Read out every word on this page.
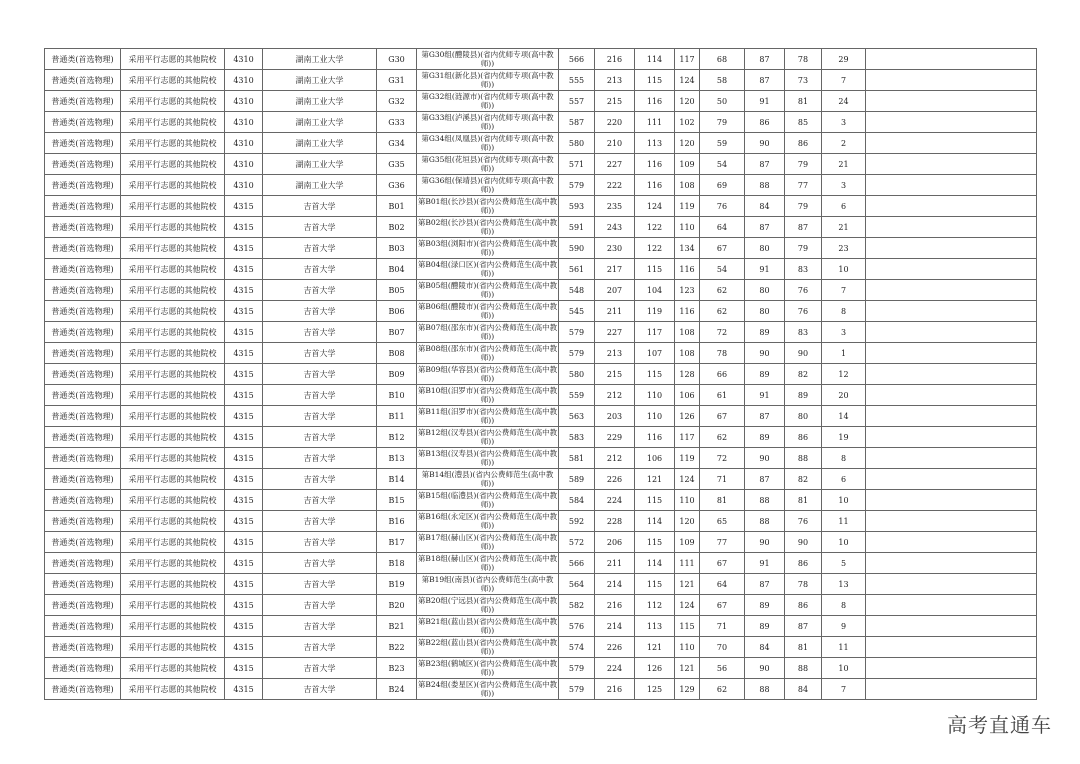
普通类(首选物理)	采用平行志愿的其他院校	4310	湖南工业大学	G30	第G30组(醴陵县)(省内优师专项(高中教师))	566	216	114	117	68	87	78	29	
普通类(首选物理)	采用平行志愿的其他院校	4310	湖南工业大学	G31	第G31组(新化县)(省内优师专项(高中教师))	555	213	115	124	58	87	73	7	
普通类(首选物理)	采用平行志愿的其他院校	4310	湖南工业大学	G32	第G32组(涟源市)(省内优师专项(高中教师))	557	215	116	120	50	91	81	24	
普通类(首选物理)	采用平行志愿的其他院校	4310	湖南工业大学	G33	第G33组(泸溪县)(省内优师专项(高中教师))	587	220	111	102	79	86	85	3	
普通类(首选物理)	采用平行志愿的其他院校	4310	湖南工业大学	G34	第G34组(凤凰县)(省内优师专项(高中教师))	580	210	113	120	59	90	86	2	
普通类(首选物理)	采用平行志愿的其他院校	4310	湖南工业大学	G35	第G35组(花垣县)(省内优师专项(高中教师))	571	227	116	109	54	87	79	21	
普通类(首选物理)	采用平行志愿的其他院校	4310	湖南工业大学	G36	第G36组(保靖县)(省内优师专项(高中教师))	579	222	116	108	69	88	77	3	
普通类(首选物理)	采用平行志愿的其他院校	4315	吉首大学	B01	第B01组(长沙县)(省内公费师范生(高中教师))	593	235	124	119	76	84	79	6	
普通类(首选物理)	采用平行志愿的其他院校	4315	吉首大学	B02	第B02组(长沙县)(省内公费师范生(高中教师))	591	243	122	110	64	87	87	21	
普通类(首选物理)	采用平行志愿的其他院校	4315	吉首大学	B03	第B03组(浏阳市)(省内公费师范生(高中教师))	590	230	122	134	67	80	79	23	
普通类(首选物理)	采用平行志愿的其他院校	4315	吉首大学	B04	第B04组(渌口区)(省内公费师范生(高中教师))	561	217	115	116	54	91	83	10	
普通类(首选物理)	采用平行志愿的其他院校	4315	吉首大学	B05	第B05组(醴陵市)(省内公费师范生(高中教师))	548	207	104	123	62	80	76	7	
普通类(首选物理)	采用平行志愿的其他院校	4315	吉首大学	B06	第B06组(醴陵市)(省内公费师范生(高中教师))	545	211	119	116	62	80	76	8	
普通类(首选物理)	采用平行志愿的其他院校	4315	吉首大学	B07	第B07组(邵东市)(省内公费师范生(高中教师))	579	227	117	108	72	89	83	3	
普通类(首选物理)	采用平行志愿的其他院校	4315	吉首大学	B08	第B08组(邵东市)(省内公费师范生(高中教师))	579	213	107	108	78	90	90	1	
普通类(首选物理)	采用平行志愿的其他院校	4315	吉首大学	B09	第B09组(华容县)(省内公费师范生(高中教师))	580	215	115	128	66	89	82	12	
普通类(首选物理)	采用平行志愿的其他院校	4315	吉首大学	B10	第B10组(汨罗市)(省内公费师范生(高中教师))	559	212	110	106	61	91	89	20	
普通类(首选物理)	采用平行志愿的其他院校	4315	吉首大学	B11	第B11组(汨罗市)(省内公费师范生(高中教师))	563	203	110	126	67	87	80	14	
普通类(首选物理)	采用平行志愿的其他院校	4315	吉首大学	B12	第B12组(汉寿县)(省内公费师范生(高中教师))	583	229	116	117	62	89	86	19	
普通类(首选物理)	采用平行志愿的其他院校	4315	吉首大学	B13	第B13组(汉寿县)(省内公费师范生(高中教师))	581	212	106	119	72	90	88	8	
普通类(首选物理)	采用平行志愿的其他院校	4315	吉首大学	B14	第B14组(澧县)(省内公费师范生(高中教师))	589	226	121	124	71	87	82	6	
普通类(首选物理)	采用平行志愿的其他院校	4315	吉首大学	B15	第B15组(临澧县)(省内公费师范生(高中教师))	584	224	115	110	81	88	81	10	
普通类(首选物理)	采用平行志愿的其他院校	4315	吉首大学	B16	第B16组(永定区)(省内公费师范生(高中教师))	592	228	114	120	65	88	76	11	
普通类(首选物理)	采用平行志愿的其他院校	4315	吉首大学	B17	第B17组(赫山区)(省内公费师范生(高中教师))	572	206	115	109	77	90	90	10	
普通类(首选物理)	采用平行志愿的其他院校	4315	吉首大学	B18	第B18组(赫山区)(省内公费师范生(高中教师))	566	211	114	111	67	91	86	5	
普通类(首选物理)	采用平行志愿的其他院校	4315	吉首大学	B19	第B19组(南县)(省内公费师范生(高中教师))	564	214	115	121	64	87	78	13	
普通类(首选物理)	采用平行志愿的其他院校	4315	吉首大学	B20	第B20组(宁远县)(省内公费师范生(高中教师))	582	216	112	124	67	89	86	8	
普通类(首选物理)	采用平行志愿的其他院校	4315	吉首大学	B21	第B21组(蓝山县)(省内公费师范生(高中教师))	576	214	113	115	71	89	87	9	
普通类(首选物理)	采用平行志愿的其他院校	4315	吉首大学	B22	第B22组(蓝山县)(省内公费师范生(高中教师))	574	226	121	110	70	84	81	11	
普通类(首选物理)	采用平行志愿的其他院校	4315	吉首大学	B23	第B23组(鹤城区)(省内公费师范生(高中教师))	579	224	126	121	56	90	88	10	
普通类(首选物理)	采用平行志愿的其他院校	4315	吉首大学	B24	第B24组(娄星区)(省内公费师范生(高中教师))	579	216	125	129	62	88	84	7	
高考直通车
